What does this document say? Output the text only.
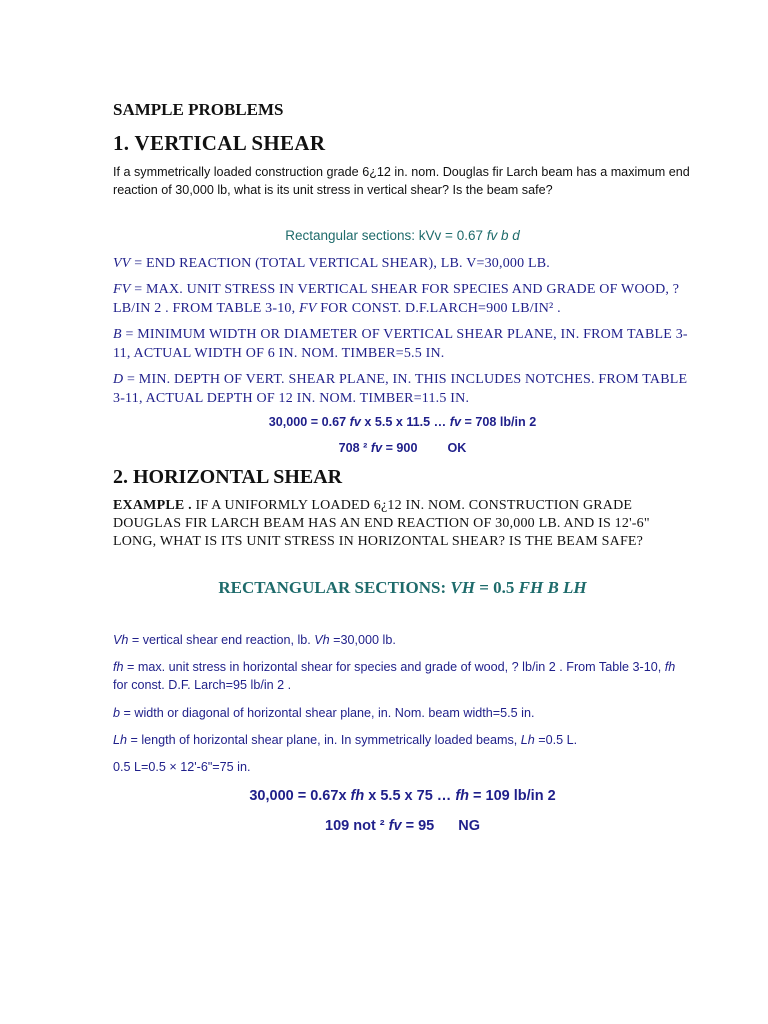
SAMPLE PROBLEMS
1. VERTICAL SHEAR
If a symmetrically loaded construction grade 6¿12 in. nom. Douglas fir Larch beam has a maximum end reaction of 30,000 lb, what is its unit stress in vertical shear? Is the beam safe?
Rectangular sections: kVv = 0.67 fv b d
VV = END REACTION (TOTAL VERTICAL SHEAR), LB. V=30,000 LB.
FV = MAX. UNIT STRESS IN VERTICAL SHEAR FOR SPECIES AND GRADE OF WOOD, ? LB/IN 2 . FROM TABLE 3-10, FV FOR CONST. D.F.LARCH=900 LB/IN² .
B = MINIMUM WIDTH OR DIAMETER OF VERTICAL SHEAR PLANE, IN. FROM TABLE 3-11, ACTUAL WIDTH OF 6 IN. NOM. TIMBER=5.5 IN.
D = MIN. DEPTH OF VERT. SHEAR PLANE, IN. THIS INCLUDES NOTCHES. FROM TABLE 3-11, ACTUAL DEPTH OF 12 IN. NOM. TIMBER=11.5 IN.
30,000 = 0.67 fv x 5.5 x 11.5 … fv = 708 lb/in 2
708 ² fv = 900 OK
2. HORIZONTAL SHEAR
EXAMPLE . IF A UNIFORMLY LOADED 6¿12 IN. NOM. CONSTRUCTION GRADE DOUGLAS FIR LARCH BEAM HAS AN END REACTION OF 30,000 LB. AND IS 12'-6" LONG, WHAT IS ITS UNIT STRESS IN HORIZONTAL SHEAR? IS THE BEAM SAFE?
RECTANGULAR SECTIONS: VH = 0.5 FH B LH
Vh = vertical shear end reaction, lb. Vh =30,000 lb.
fh = max. unit stress in horizontal shear for species and grade of wood, ? lb/in 2 . From Table 3-10, fh for const. D.F. Larch=95 lb/in 2 .
b = width or diagonal of horizontal shear plane, in. Nom. beam width=5.5 in.
Lh = length of horizontal shear plane, in. In symmetrically loaded beams, Lh =0.5 L.
0.5 L=0.5 × 12'-6"=75 in.
30,000 = 0.67x fh x 5.5 x 75 … fh = 109 lb/in 2
109 not ² fv = 95 NG
